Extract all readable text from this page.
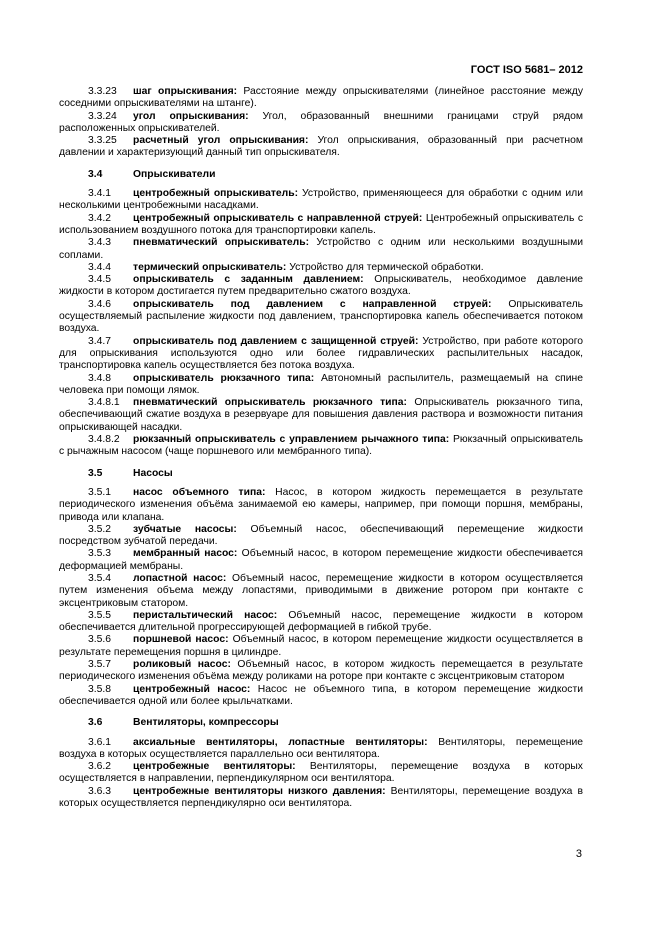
ГОСТ ISO 5681– 2012

3.3.23 шаг опрыскивания: Расстояние между опрыскивателями (линейное расстояние между соседними опрыскивателями на штанге).

3.3.24 угол опрыскивания: Угол, образованный внешними границами струй рядом расположенных опрыскивателей.

3.3.25 расчетный угол опрыскивания: Угол опрыскивания, образованный при расчетном давлении и характеризующий данный тип опрыскивателя.

3.4	Опрыскиватели

3.4.1 центробежный опрыскиватель: Устройство, применяющееся для обработки с одним или несколькими центробежными насадками.

3.4.2 центробежный опрыскиватель с направленной струей: Центробежный опрыскиватель с использованием воздушного потока для транспортировки капель.

3.4.3 пневматический опрыскиватель: Устройство с одним или несколькими воздушными соплами.

3.4.4 термический опрыскиватель: Устройство для термической обработки.

3.4.5 опрыскиватель с заданным давлением: Опрыскиватель, необходимое давление жидкости в котором достигается путем предварительно сжатого воздуха.

3.4.6 опрыскиватель под давлением с направленной струей: Опрыскиватель осуществляемый распыление жидкости под давлением, транспортировка капель обеспечивается потоком воздуха.

3.4.7 опрыскиватель под давлением с защищенной струей: Устройство, при работе которого для опрыскивания используются одно или более гидравлических распылительных насадок, транспортировка капель осуществляется без потока воздуха.

3.4.8 опрыскиватель рюкзачного типа: Автономный распылитель, размещаемый на спине человека при помощи лямок.

3.4.8.1 пневматический опрыскиватель рюкзачного типа: Опрыскиватель рюкзачного типа, обеспечивающий сжатие воздуха в резервуаре для повышения давления раствора и возможности питания опрыскивающей насадки.

3.4.8.2 рюкзачный опрыскиватель с управлением рычажного типа: Рюкзачный опрыскиватель с рычажным насосом (чаще поршневого или мембранного типа).

3.5	Насосы

3.5.1 насос объемного типа: Насос, в котором жидкость перемещается в результате периодического изменения объёма занимаемой ею камеры, например, при помощи поршня, мембраны, привода или клапана.

3.5.2 зубчатые насосы: Объемный насос, обеспечивающий перемещение жидкости посредством зубчатой передачи.

3.5.3 мембранный насос: Объемный насос, в котором перемещение жидкости обеспечивается деформацией мембраны.

3.5.4 лопастной насос: Объемный насос, перемещение жидкости в котором осуществляется путем изменения объема между лопастями, приводимыми в движение ротором при контакте с эксцентриковым статором.

3.5.5 перистальтический насос: Объемный насос, перемещение жидкости в котором обеспечивается длительной прогрессирующей деформацией в гибкой трубе.

3.5.6 поршневой насос: Объемный насос, в котором перемещение жидкости осуществляется в результате перемещения поршня в цилиндре.

3.5.7 роликовый насос: Объемный насос, в котором жидкость перемещается в результате периодического изменения объёма между роликами на роторе при контакте с эксцентриковым статором

3.5.8 центробежный насос: Насос не объемного типа, в котором перемещение жидкости обеспечивается одной или более крыльчатками.

3.6	Вентиляторы, компрессоры

3.6.1 аксиальные вентиляторы, лопастные вентиляторы: Вентиляторы, перемещение воздуха в которых осуществляется параллельно оси вентилятора.

3.6.2 центробежные вентиляторы: Вентиляторы, перемещение воздуха в которых осуществляется в направлении, перпендикулярном оси вентилятора.

3.6.3 центробежные вентиляторы низкого давления: Вентиляторы, перемещение воздуха в которых осуществляется перпендикулярно оси вентилятора.

3
